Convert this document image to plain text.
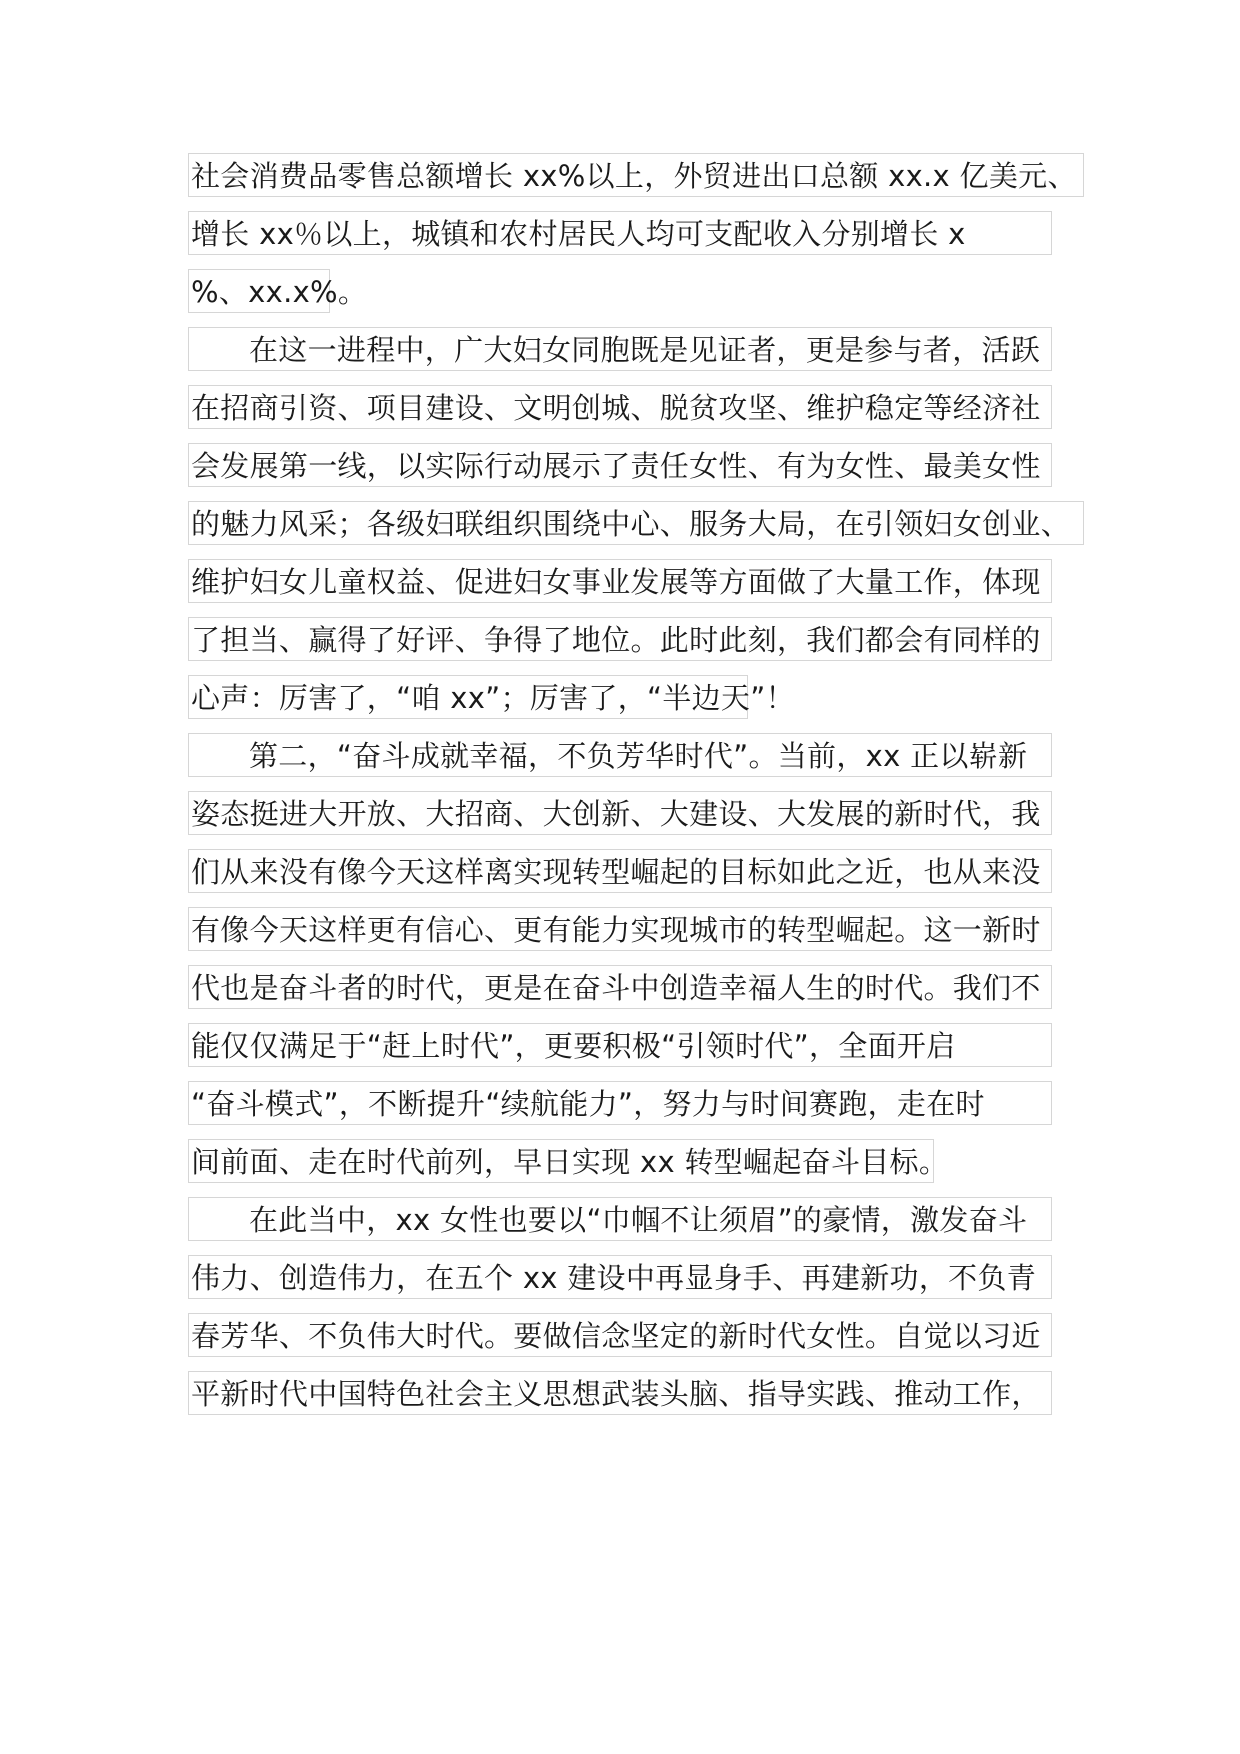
社会消费品零售总额增长 xx%以上，外贸进出口总额 xx.x 亿美元、
增长 xx％以上，城镇和农村居民人均可支配收入分别增长 x
%、xx.x%。
在这一进程中，广大妇女同胞既是见证者，更是参与者，活跃
在招商引资、项目建设、文明创城、脱贫攻坚、维护稳定等经济社
会发展第一线，以实际行动展示了责任女性、有为女性、最美女性
的魅力风采；各级妇联组织围绕中心、服务大局，在引领妇女创业、
维护妇女儿童权益、促进妇女事业发展等方面做了大量工作，体现
了担当、赢得了好评、争得了地位。此时此刻，我们都会有同样的
心声：厉害了，“咱 xx”；厉害了，“半边天”！
第二，“奋斗成就幸福，不负芳华时代”。当前，xx 正以崭新
姿态挺进大开放、大招商、大创新、大建设、大发展的新时代，我
们从来没有像今天这样离实现转型崛起的目标如此之近，也从来没
有像今天这样更有信心、更有能力实现城市的转型崛起。这一新时
代也是奋斗者的时代，更是在奋斗中创造幸福人生的时代。我们不
能仅仅满足于“赶上时代”，更要积极“引领时代”，全面开启
“奋斗模式”，不断提升“续航能力”，努力与时间赛跑，走在时
间前面、走在时代前列，早日实现 xx 转型崛起奋斗目标。
在此当中，xx 女性也要以“巾帼不让须眉”的豪情，激发奋斗
伟力、创造伟力，在五个 xx 建设中再显身手、再建新功，不负青
春芳华、不负伟大时代。要做信念坚定的新时代女性。自觉以习近
平新时代中国特色社会主义思想武装头脑、指导实践、推动工作，
